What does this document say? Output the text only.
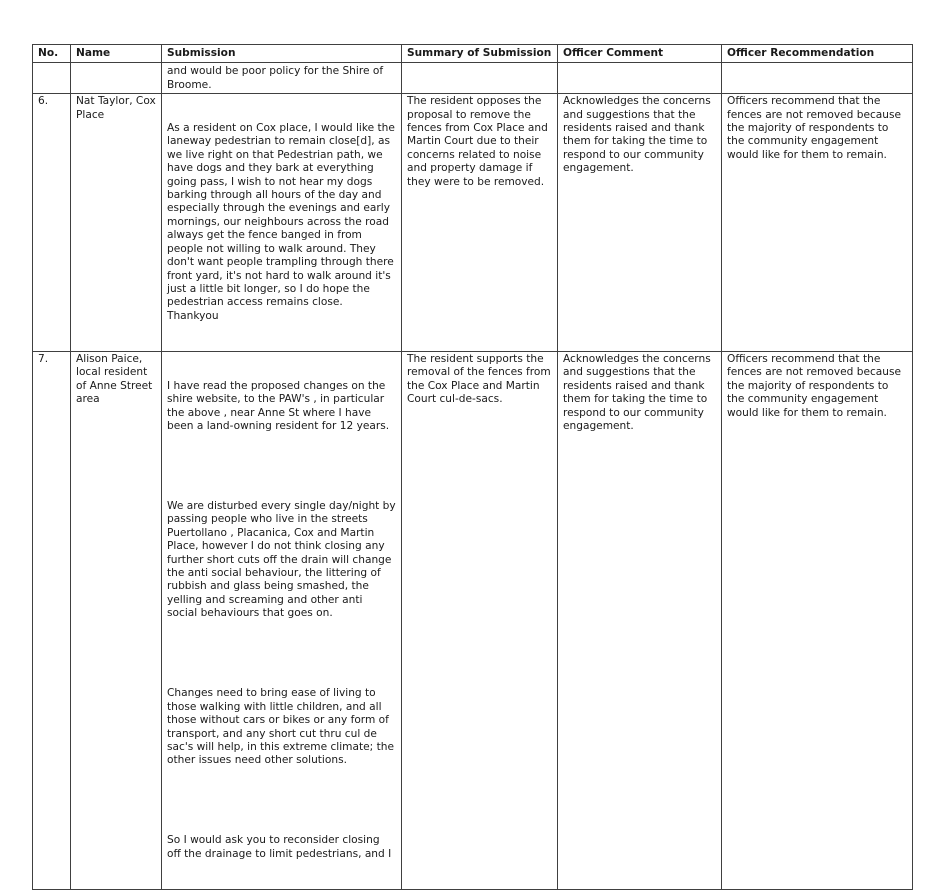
No.	Name	Submission	Summary of Submission	Officer Comment	Officer Recommendation
		and would be poor policy for the Shire of Broome.			
6.	Nat Taylor, Cox Place	As a resident on Cox place, I would like the laneway pedestrian to remain close[d], as we live right on that Pedestrian path, we have dogs and they bark at everything going pass, I wish to not hear my dogs barking through all hours of the day and especially through the evenings and early mornings, our neighbours across the road always get the fence banged in from people not willing to walk around. They don't want people trampling through there front yard, it's not hard to walk around it's just a little bit longer, so I do hope the pedestrian access remains close. Thankyou	The resident opposes the proposal to remove the fences from Cox Place and Martin Court due to their concerns related to noise and property damage if they were to be removed.	Acknowledges the concerns and suggestions that the residents raised and thank them for taking the time to respond to our community engagement.	Officers recommend that the fences are not removed because the majority of respondents to the community engagement would like for them to remain.
7.	Alison Paice, local resident of Anne Street area	I have read the proposed changes on the shire website, to the PAW's , in particular the above , near Anne St where I have been a land-owning resident for 12 years.

We are disturbed every single day/night by passing people who live in the streets Puertollano , Placanica, Cox and Martin Place, however I do not think closing any further short cuts off the drain will change the anti social behaviour, the littering of rubbish and glass being smashed, the yelling and screaming and other anti social behaviours that goes on.

Changes need to bring ease of living to those walking with little children, and all those without cars or bikes or any form of transport, and any short cut thru cul de sac's will help, in this extreme climate; the other issues need other solutions.

So I would ask you to reconsider closing off the drainage to limit pedestrians, and I	The resident supports the removal of the fences from the Cox Place and Martin Court cul-de-sacs.	Acknowledges the concerns and suggestions that the residents raised and thank them for taking the time to respond to our community engagement.	Officers recommend that the fences are not removed because the majority of respondents to the community engagement would like for them to remain.
